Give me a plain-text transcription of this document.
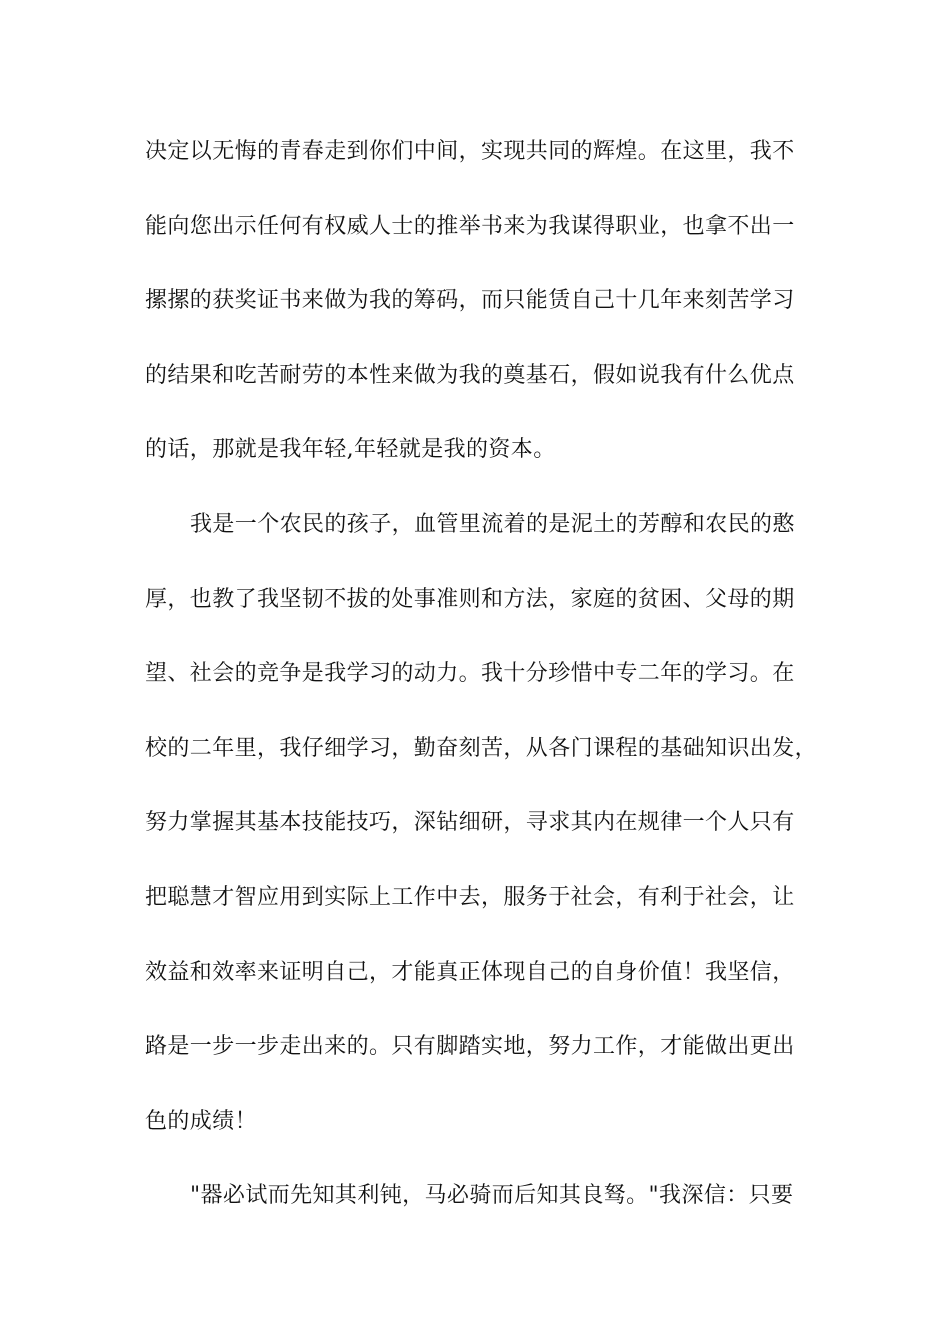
决定以无悔的青春走到你们中间，实现共同的辉煌。在这里，我不
能向您出示任何有权威人士的推举书来为我谋得职业，也拿不出一
摞摞的获奖证书来做为我的筹码，而只能赁自己十几年来刻苦学习
的结果和吃苦耐劳的本性来做为我的奠基石，假如说我有什么优点
的话，那就是我年轻,年轻就是我的资本。
我是一个农民的孩子，血管里流着的是泥土的芳醇和农民的憨
厚，也教了我坚韧不拔的处事准则和方法，家庭的贫困、父母的期
望、社会的竞争是我学习的动力。我十分珍惜中专二年的学习。在
校的二年里，我仔细学习，勤奋刻苦，从各门课程的基础知识出发，
努力掌握其基本技能技巧，深钻细研，寻求其内在规律一个人只有
把聪慧才智应用到实际上工作中去，服务于社会，有利于社会，让
效益和效率来证明自己，才能真正体现自己的自身价值！我坚信，
路是一步一步走出来的。只有脚踏实地，努力工作，才能做出更出
色的成绩！
"器必试而先知其利钝，马必骑而后知其良驽。"我深信：只要
